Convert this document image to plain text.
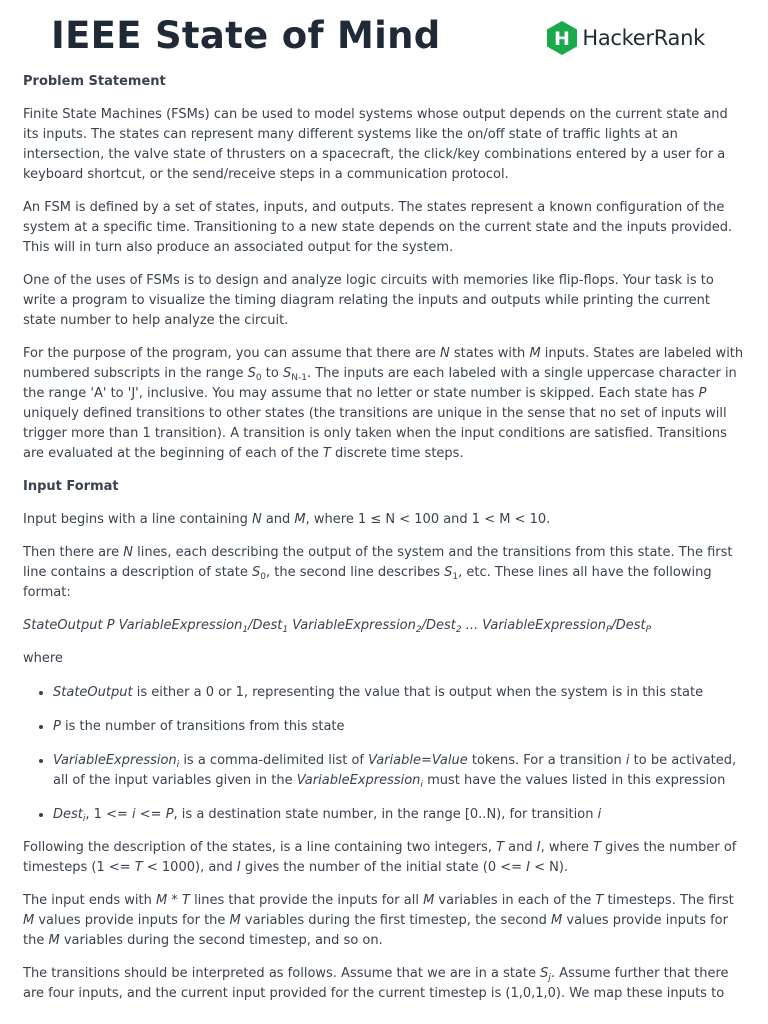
IEEE State of Mind	H HackerRank
Problem Statement

Finite State Machines (FSMs) can be used to model systems whose output depends on the current state and its inputs. The states can represent many different systems like the on/off state of traffic lights at an intersection, the valve state of thrusters on a spacecraft, the click/key combinations entered by a user for a keyboard shortcut, or the send/receive steps in a communication protocol.

An FSM is defined by a set of states, inputs, and outputs. The states represent a known configuration of the system at a specific time. Transitioning to a new state depends on the current state and the inputs provided. This will in turn also produce an associated output for the system.

One of the uses of FSMs is to design and analyze logic circuits with memories like flip-flops. Your task is to write a program to visualize the timing diagram relating the inputs and outputs while printing the current state number to help analyze the circuit.

For the purpose of the program, you can assume that there are N states with M inputs. States are labeled with numbered subscripts in the range $S_0$ to $S_{N-1}$. The inputs are each labeled with a single uppercase character in the range 'A' to 'J', inclusive. You may assume that no letter or state number is skipped. Each state has P uniquely defined transitions to other states (the transitions are unique in the sense that no set of inputs will trigger more than 1 transition). A transition is only taken when the input conditions are satisfied. Transitions are evaluated at the beginning of each of the T discrete time steps.

Input Format

Input begins with a line containing N and M, where 1 ≤ N < 100 and 1 < M < 10.

Then there are N lines, each describing the output of the system and the transitions from this state. The first line contains a description of state $S_0$, the second line describes $S_1$, etc. These lines all have the following format:

StateOutput P VariableExpression$_1$/Dest$_1$ VariableExpression$_2$/Dest$_2$ ... VariableExpression$_P$/Dest$_P$

where

• StateOutput is either a 0 or 1, representing the value that is output when the system is in this state
• P is the number of transitions from this state
• VariableExpression$_i$ is a comma-delimited list of Variable=Value tokens. For a transition i to be activated, all of the input variables given in the VariableExpression$_i$ must have the values listed in this expression
• Dest$_i$, 1 <= i <= P, is a destination state number, in the range [0..N), for transition i

Following the description of the states, is a line containing two integers, T and I, where T gives the number of timesteps (1 <= T < 1000), and I gives the number of the initial state (0 <= I < N).

The input ends with M * T lines that provide the inputs for all M variables in each of the T timesteps. The first M values provide inputs for the M variables during the first timestep, the second M values provide inputs for the M variables during the second timestep, and so on.

The transitions should be interpreted as follows. Assume that we are in a state $S_j$. Assume further that there are four inputs, and the current input provided for the current timestep is (1,0,1,0). We map these inputs to
